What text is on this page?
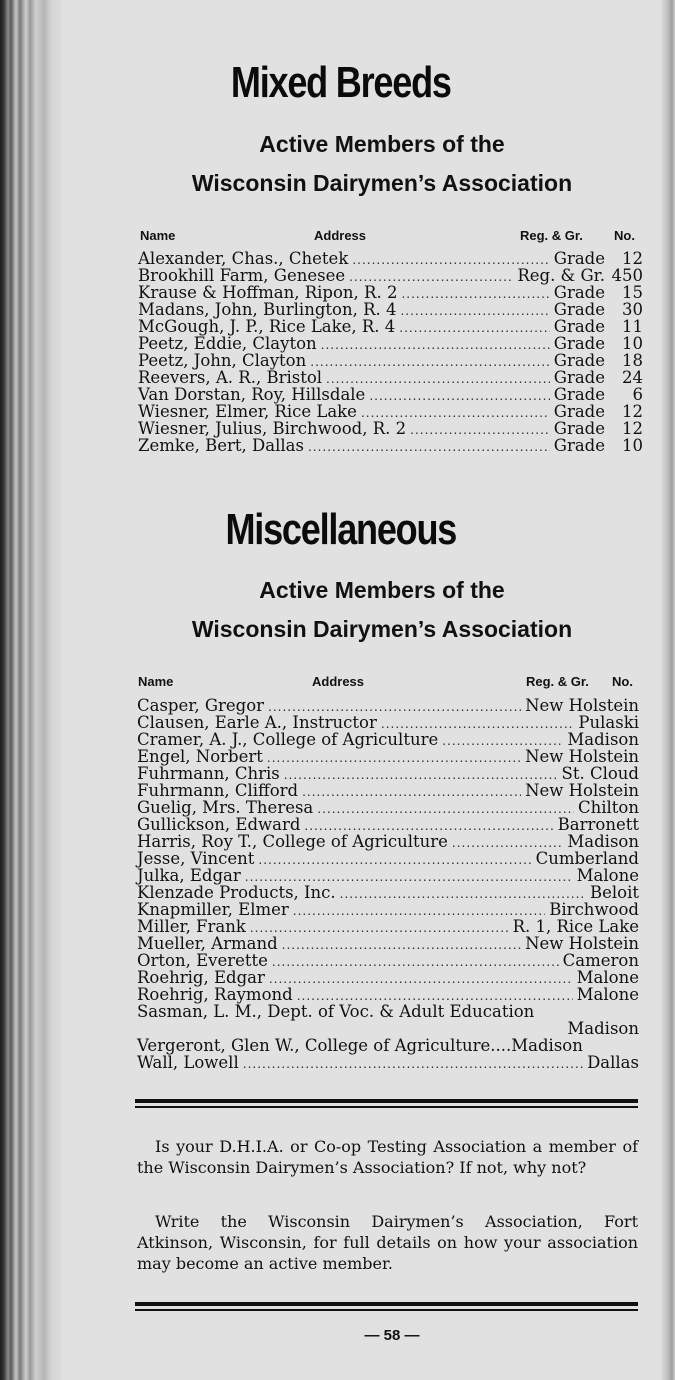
Mixed Breeds
Active Members of the
Wisconsin Dairymen’s Association
Name	Address	Reg. & Gr. No.
Alexander, Chas., Chetek .....	Grade	12
Brookhill Farm, Genesee .....	Reg. & Gr. 450
Krause & Hoffman, Ripon, R. 2 .....	Grade	15
Madans, John, Burlington, R. 4 .....	Grade	30
McGough, J. P., Rice Lake, R. 4 .....	Grade	11
Peetz, Eddie, Clayton .....	Grade	10
Peetz, John, Clayton .....	Grade	18
Reevers, A. R., Bristol .....	Grade	24
Van Dorstan, Roy, Hillsdale .....	Grade	6
Wiesner, Elmer, Rice Lake .....	Grade	12
Wiesner, Julius, Birchwood, R. 2 .....	Grade	12
Zemke, Bert, Dallas .....	Grade	10
Miscellaneous
Active Members of the
Wisconsin Dairymen’s Association
Name	Address	Reg. & Gr. No.
Casper, Gregor .....	New Holstein
Clausen, Earle A., Instructor .....	Pulaski
Cramer, A. J., College of Agriculture .....	Madison
Engel, Norbert .....	New Holstein
Fuhrmann, Chris .....	St. Cloud
Fuhrmann, Clifford .....	New Holstein
Guelig, Mrs. Theresa .....	Chilton
Gullickson, Edward .....	Barronett
Harris, Roy T., College of Agriculture .....	Madison
Jesse, Vincent .....	Cumberland
Julka, Edgar .....	Malone
Klenzade Products, Inc. .....	Beloit
Knapmiller, Elmer .....	Birchwood
Miller, Frank .....	R. 1, Rice Lake
Mueller, Armand .....	New Holstein
Orton, Everette .....	Cameron
Roehrig, Edgar .....	Malone
Roehrig, Raymond .....	Malone
Sasman, L. M., Dept. of Voc. & Adult Education
Madison
Vergeront, Glen W., College of Agriculture....Madison
Wall, Lowell .....	Dallas
Is your D.H.I.A. or Co-op Testing Association a member of the Wisconsin Dairymen’s Association? If not, why not?
Write the Wisconsin Dairymen’s Association, Fort Atkinson, Wisconsin, for full details on how your association may become an active member.
— 58 —
